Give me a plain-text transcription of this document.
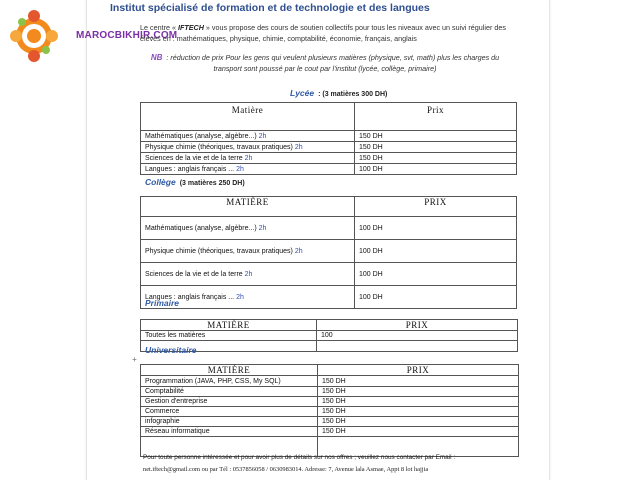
MAROCBIKHIR.COM
Institut spécialisé de formation et de technologie et des langues
Le centre « IFTECH » vous propose des cours de soutien collectifs pour tous les niveaux avec un suivi régulier des élèves en : mathématiques, physique, chimie, comptabilité, économie, français, anglais
NB : réduction de prix Pour les gens qui veulent plusieurs matières (physique, svt, math) plus les charges du transport sont poussé par le cout par l'institut (lycée, collège, primaire)
Lycée : (3 matières 300 DH)
Matière	Prix
Mathématiques (analyse, algèbre...) 2h	150 DH
Physique chimie (théoriques, travaux pratiques) 2h	150 DH
Sciences de la vie et de la terre 2h	150 DH
Langues : anglais français ... 2h	100 DH
Collège (3 matières 250 DH)
MATIÈRE	PRIX
Mathématiques (analyse, algèbre...) 2h	100 DH
Physique chimie (théoriques, travaux pratiques) 2h	100 DH
Sciences de la vie et de la terre 2h	100 DH
Langues : anglais français ... 2h	100 DH
Primaire
MATIÈRE	PRIX
Toutes les matières	100

Universitaire
+
MATIÈRE	PRIX
Programmation (JAVA, PHP, CSS, My SQL)	150 DH
Comptabilité	150 DH
Gestion d'entreprise	150 DH
Commerce	150 DH
infographie	150 DH
Réseau informatique	150 DH

Pour toute personne intéressée et pour avoir plus de détails sur nos offres ; veuillez nous contacter par Email :
net.iftech@gmail.com ou par Tél : 0537856058 / 0630983014. Adresse: 7, Avenue lala Asmae, Appt 8 lot hajjia
